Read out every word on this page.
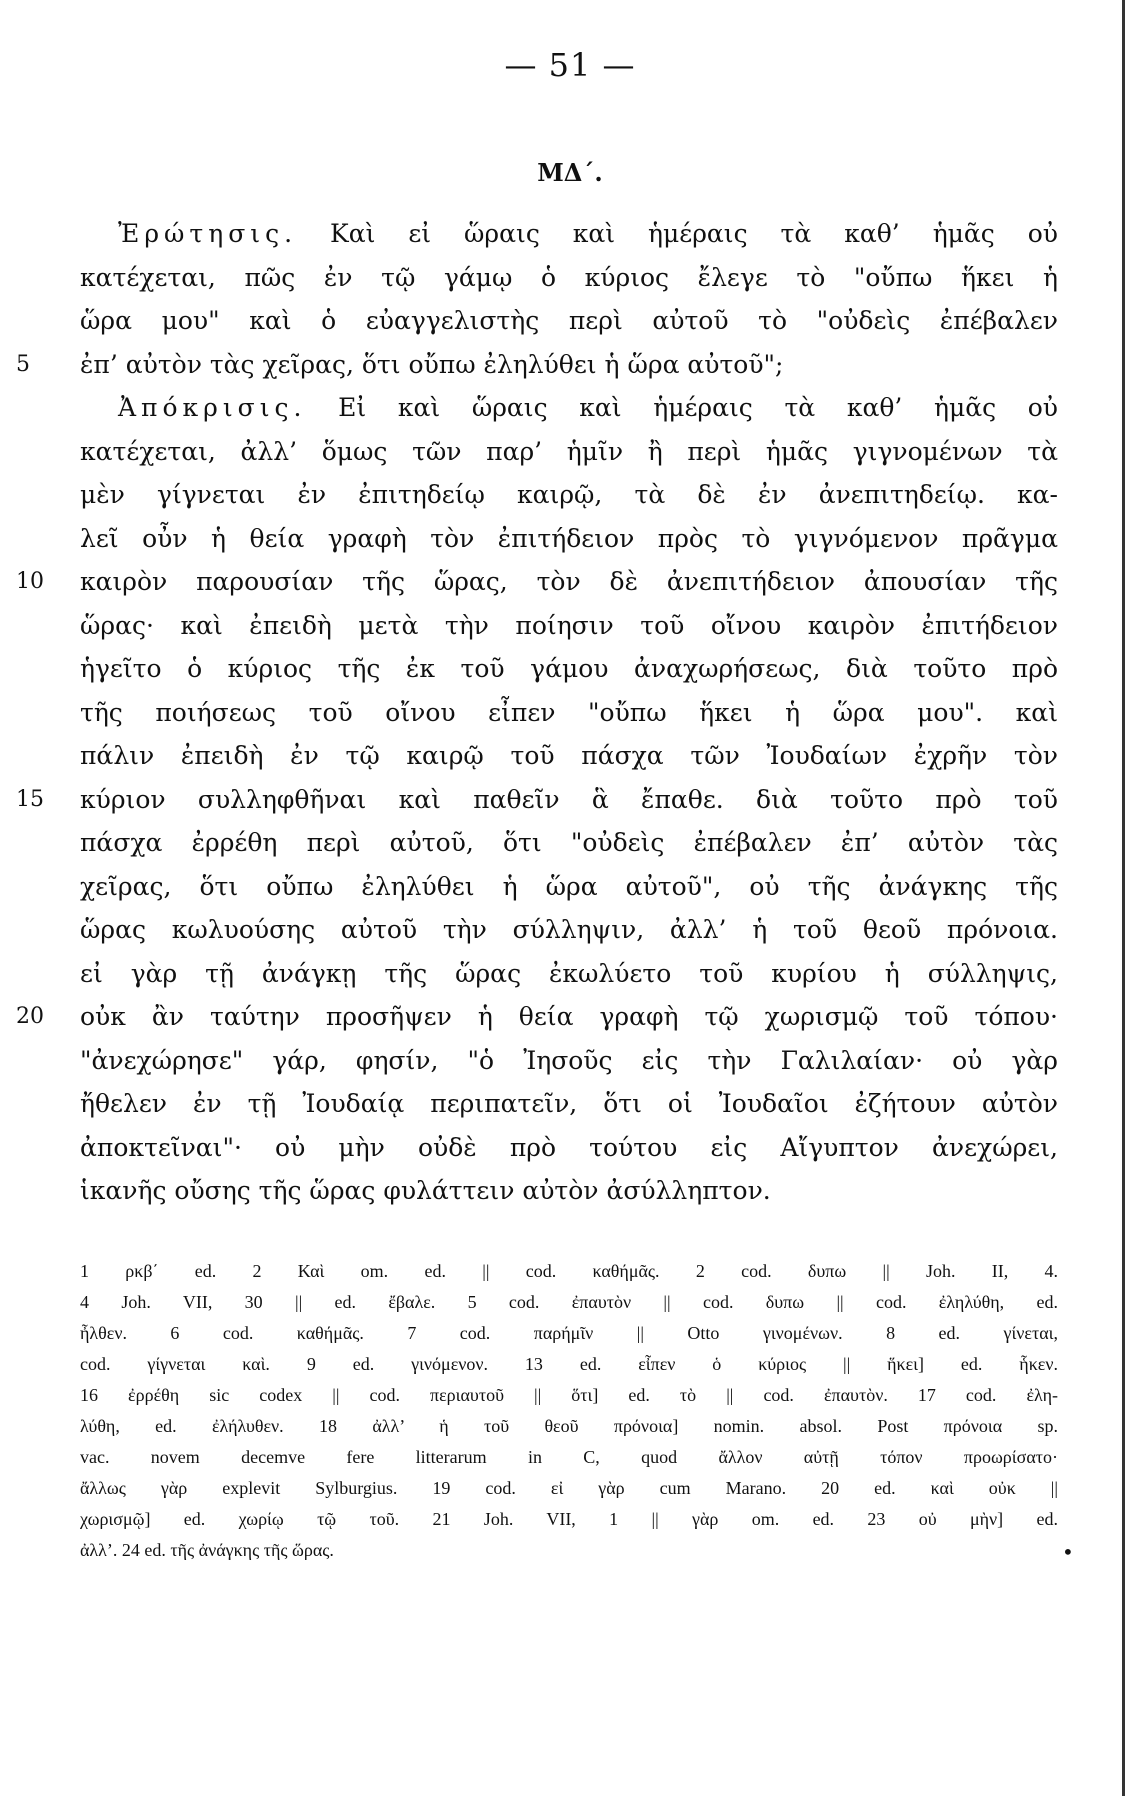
— 51 —
ΜΔ΄.
Ἐρώτησις. Καὶ εἰ ὥραις καὶ ἡμέραις τὰ καθ’ ἡμᾶς οὐ
κατέχεται, πῶς ἐν τῷ γάμῳ ὁ κύριος ἔλεγε τὸ "οὔπω ἥκει ἡ
ὥρα μου" καὶ ὁ εὐαγγελιστὴς περὶ αὐτοῦ τὸ "οὐδεὶς ἐπέβαλεν
5	ἐπ’ αὐτὸν τὰς χεῖρας, ὅτι οὔπω ἐληλύθει ἡ ὥρα αὐτοῦ";
Ἀπόκρισις. Εἰ καὶ ὥραις καὶ ἡμέραις τὰ καθ’ ἡμᾶς οὐ
κατέχεται, ἀλλ’ ὅμως τῶν παρ’ ἡμῖν ἢ περὶ ἡμᾶς γιγνομένων τὰ
μὲν γίγνεται ἐν ἐπιτηδείῳ καιρῷ, τὰ δὲ ἐν ἀνεπιτηδείῳ. κα-
λεῖ οὖν ἡ θεία γραφὴ τὸν ἐπιτήδειον πρὸς τὸ γιγνόμενον πρᾶγμα
10	καιρὸν παρουσίαν τῆς ὥρας, τὸν δὲ ἀνεπιτήδειον ἀπουσίαν τῆς
ὥρας· καὶ ἐπειδὴ μετὰ τὴν ποίησιν τοῦ οἴνου καιρὸν ἐπιτήδειον
ἡγεῖτο ὁ κύριος τῆς ἐκ τοῦ γάμου ἀναχωρήσεως, διὰ τοῦτο πρὸ
τῆς ποιήσεως τοῦ οἴνου εἶπεν "οὔπω ἥκει ἡ ὥρα μου". καὶ
πάλιν ἐπειδὴ ἐν τῷ καιρῷ τοῦ πάσχα τῶν Ἰουδαίων ἐχρῆν τὸν
15	κύριον συλληφθῆναι καὶ παθεῖν ἃ ἔπαθε. διὰ τοῦτο πρὸ τοῦ
πάσχα ἐρρέθη περὶ αὐτοῦ, ὅτι "οὐδεὶς ἐπέβαλεν ἐπ’ αὐτὸν τὰς
χεῖρας, ὅτι οὔπω ἐληλύθει ἡ ὥρα αὐτοῦ", οὐ τῆς ἀνάγκης τῆς
ὥρας κωλυούσης αὐτοῦ τὴν σύλληψιν, ἀλλ’ ἡ τοῦ θεοῦ πρόνοια.
εἰ γὰρ τῇ ἀνάγκῃ τῆς ὥρας ἐκωλύετο τοῦ κυρίου ἡ σύλληψις,
20	οὐκ ἂν ταύτην προσῆψεν ἡ θεία γραφὴ τῷ χωρισμῷ τοῦ τόπου·
"ἀνεχώρησε" γάρ, φησίν, "ὁ Ἰησοῦς εἰς τὴν Γαλιλαίαν· οὐ γὰρ
ἤθελεν ἐν τῇ Ἰουδαίᾳ περιπατεῖν, ὅτι οἱ Ἰουδαῖοι ἐζήτουν αὐτὸν
ἀποκτεῖναι"· οὐ μὴν οὐδὲ πρὸ τούτου εἰς Αἴγυπτον ἀνεχώρει,
ἱκανῆς οὔσης τῆς ὥρας φυλάττειν αὐτὸν ἀσύλληπτον.
1 ρκβ΄ ed. 2 Καὶ om. ed. || cod. καθήμᾶς. 2 cod. δυπω || Joh. II, 4.
4 Joh. VII, 30 || ed. ἔβαλε. 5 cod. ἐπαυτὸν || cod. δυπω || cod. ἐληλύθη, ed.
ἦλθεν. 6 cod. καθήμᾶς. 7 cod. παρήμῖν || Otto γινομένων. 8 ed. γίνεται,
cod. γίγνεται καὶ. 9 ed. γινόμενον. 13 ed. εἶπεν ὁ κύριος || ἥκει] ed. ἧκεν.
16 ἐρρέθη sic codex || cod. περιαυτοῦ || ὅτι] ed. τὸ || cod. ἐπαυτὸν. 17 cod. ἐλη-
λύθη, ed. ἐλήλυθεν. 18 ἀλλ’ ἡ τοῦ θεοῦ πρόνοια] nomin. absol. Post πρόνοια sp.
vac. novem decemve fere litterarum in C, quod ἄλλον αὐτῇ τόπον προωρίσατο·
ἄλλως γὰρ explevit Sylburgius. 19 cod. εἰ γὰρ cum Marano. 20 ed. καὶ οὐκ ||
χωρισμῷ] ed. χωρίῳ τῷ τοῦ. 21 Joh. VII, 1 || γὰρ om. ed. 23 οὐ μὴν] ed.
ἀλλ’. 24 ed. τῆς ἀνάγκης τῆς ὥρας.	•
